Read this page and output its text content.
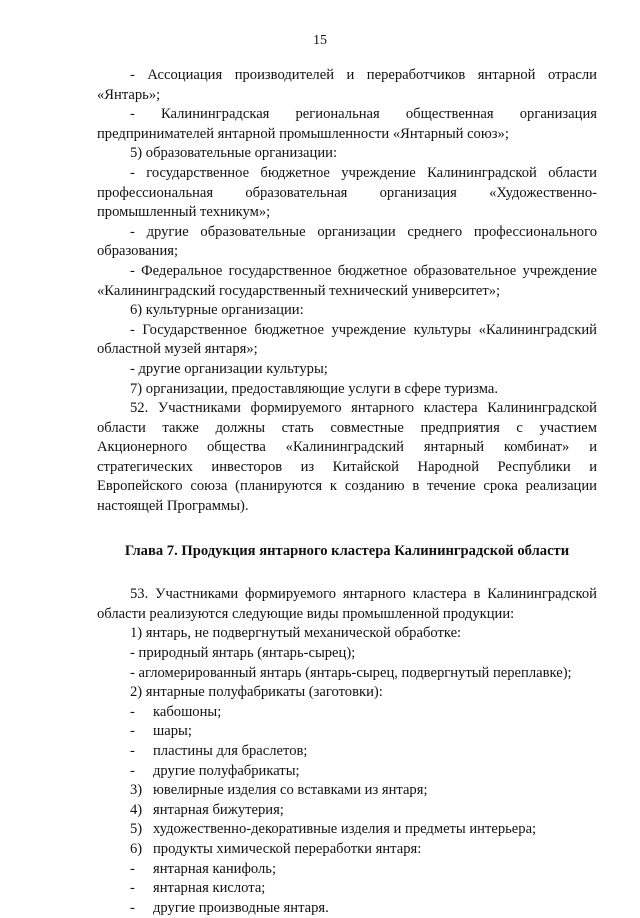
15

- Ассоциация производителей и переработчиков янтарной отрасли «Янтарь»;

- Калининградская региональная общественная организация предпринимателей янтарной промышленности «Янтарный союз»;

5) образовательные организации:

- государственное бюджетное учреждение Калининградской области профессиональная образовательная организация «Художественно-промышленный техникум»;

- другие образовательные организации среднего профессионального образования;

- Федеральное государственное бюджетное образовательное учреждение «Калининградский государственный технический университет»;

6) культурные организации:

- Государственное бюджетное учреждение культуры «Калининградский областной музей янтаря»;

- другие организации культуры;

7) организации, предоставляющие услуги в сфере туризма.

52. Участниками формируемого янтарного кластера Калининградской области также должны стать совместные предприятия с участием Акционерного общества «Калининградский янтарный комбинат» и стратегических инвесторов из Китайской Народной Республики и Европейского союза (планируются к созданию в течение срока реализации настоящей Программы).

Глава 7. Продукция янтарного кластера Калининградской области

53. Участниками формируемого янтарного кластера в Калининградской области реализуются следующие виды промышленной продукции:

1) янтарь, не подвергнутый механической обработке:

- природный янтарь (янтарь-сырец);

- агломерированный янтарь (янтарь-сырец, подвергнутый переплавке);

2) янтарные полуфабрикаты (заготовки):

- кабошоны;
- шары;
- пластины для браслетов;
- другие полуфабрикаты;
3) ювелирные изделия со вставками из янтаря;
4) янтарная бижутерия;
5) художественно-декоративные изделия и предметы интерьера;
6) продукты химической переработки янтаря:
- янтарная канифоль;
- янтарная кислота;
- другие производные янтаря.
